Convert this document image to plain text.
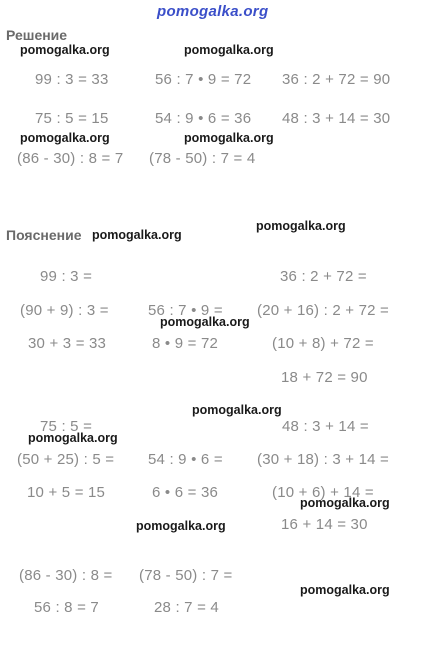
pomogalka.org
Решение
99 : 3 = 33	56 : 7 • 9 = 72 36 : 2 + 72 = 90
75 : 5 = 15	54 : 9 • 6 = 36 48 : 3 + 14 = 30
(86 - 30) : 8 = 7 (78 - 50) : 7 = 4
Пояснение
99 : 3 =
(90 + 9) : 3 =
30 + 3 = 33
56 : 7 • 9 =
8 • 9 = 72
36 : 2 + 72 =
(20 + 16) : 2 + 72 =
(10 + 8) + 72 =
18 + 72 = 90
75 : 5 =
(50 + 25) : 5 =
10 + 5 = 15
54 : 9 • 6 =
6 • 6 = 36
48 : 3 + 14 =
(30 + 18) : 3 + 14 =
(10 + 6) + 14 =
16 + 14 = 30
(86 - 30) : 8 =
56 : 8 = 7
(78 - 50) : 7 =
28 : 7 = 4
pomogalka.org	pomogalka.org
pomogalka.org	pomogalka.org
pomogalka.org
pomogalka.org
pomogalka.org
pomogalka.org
pomogalka.org
pomogalka.org
pomogalka.org
pomogalka.org
